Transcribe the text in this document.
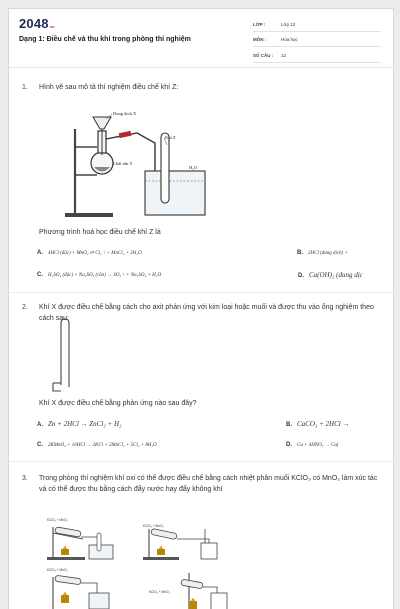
2048vn
Dạng 1: Điều chế và thu khí trong phòng thí nghiệm
LỚP :	Lớp 12
MÔN :	Hóa học
SỐ CÂU :	12
1. Hình vẽ sau mô tả thí nghiệm điều chế khí Z:
Dung dịch X
Khí Z
Chất rắn Y
H₂O
Phương trình hoá học điều chế khí Z là
A. 4HCl (đặc) + MnO₂ ⇌ Cl₂ ↑ + MnCl₂ + 2H₂O	B. 2HCl (dung dịch) +
C. H₂SO₄ (đặc) + Na₂SO₃ (rắn) → SO₂ ↑ + Na₂SO₄ + H₂O	D. Ca(OH)₂ (dung dịc
2. Khí X được điều chế bằng cách cho axit phản ứng với kim loại hoặc muối và được thu vào ống nghiệm theo cách sau:
Khí X được điều chế bằng phản ứng nào sau đây?
A. Zn + 2HCl → ZnCl₂ + H₂	B. CaCO₃ + 2HCl →
C. 2KMnO₄ + 16HCl → 2KCl + 2MnCl₂ + 5Cl₂ + 8H₂O	D. Cu + 4HNO₃ → Cu(
3. Trong phòng thí nghiệm khí oxi có thể được điều chế bằng cách nhiệt phân muối KClO₃ có MnO₂ làm xúc tác và có thể được thu bằng cách đẩy nước hay đẩy không khí
KClO₃ + MnO₂
KClO₃ + MnO₂
KClO₃ + MnO₂
KClO₃ + MnO₂
